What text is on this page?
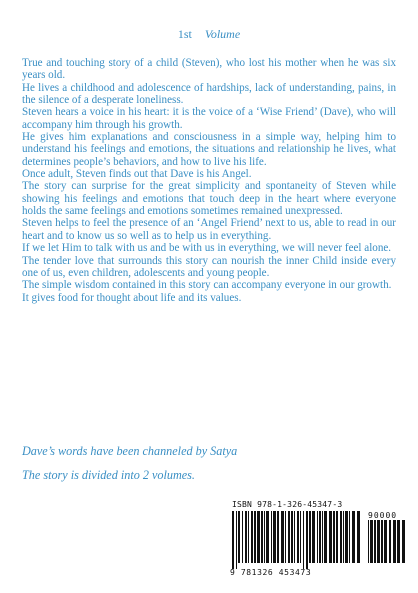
1st Volume

True and touching story of a child (Steven), who lost his mother when he was six years old.

He lives a childhood and adolescence of hardships, lack of understanding, pains, in the silence of a desperate loneliness.

Steven hears a voice in his heart: it is the voice of a ‘Wise Friend’ (Dave), who will accompany him through his growth.

He gives him explanations and consciousness in a simple way, helping him to understand his feelings and emotions, the situations and relationship he lives, what determines people’s behaviors, and how to live his life.

Once adult, Steven finds out that Dave is his Angel.

The story can surprise for the great simplicity and spontaneity of Steven while showing his feelings and emotions that touch deep in the heart where everyone holds the same feelings and emotions sometimes remained unexpressed.

Steven helps to feel the presence of an ‘Angel Friend’ next to us, able to read in our heart and to know us so well as to help us in everything.

If we let Him to talk with us and be with us in everything, we will never feel alone.

The tender love that surrounds this story can nourish the inner Child inside every one of us, even children, adolescents and young people.

The simple wisdom contained in this story can accompany everyone in our growth.

It gives food for thought about life and its values.

Dave’s words have been channeled by Satya
The story is divided into 2 volumes.
ISBN 978-1-326-45347-3
90000
9 781326 453473
